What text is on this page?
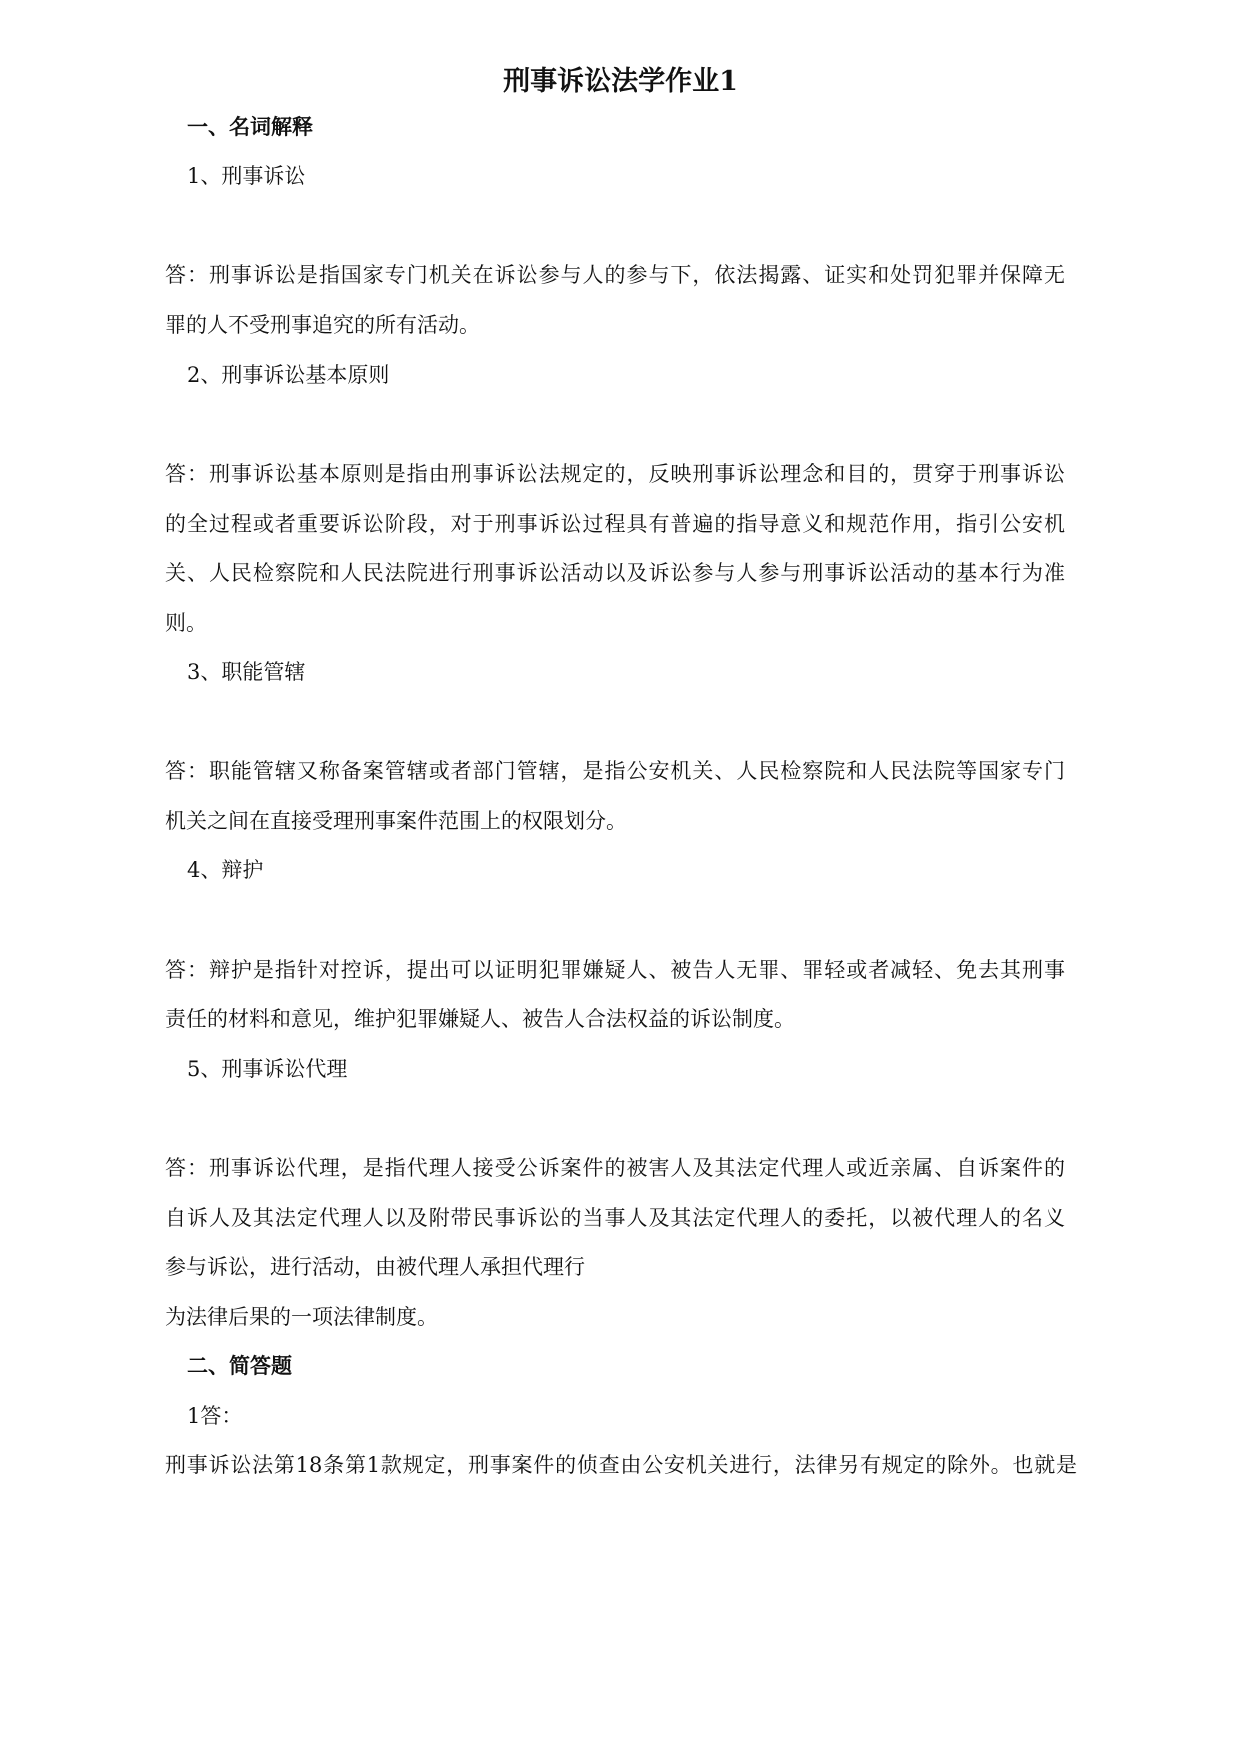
刑事诉讼法学作业1
一、名词解释
1、刑事诉讼
答：刑事诉讼是指国家专门机关在诉讼参与人的参与下，依法揭露、证实和处罚犯罪并保障无
罪的人不受刑事追究的所有活动。
2、刑事诉讼基本原则
答：刑事诉讼基本原则是指由刑事诉讼法规定的，反映刑事诉讼理念和目的，贯穿于刑事诉讼
的全过程或者重要诉讼阶段，对于刑事诉讼过程具有普遍的指导意义和规范作用，指引公安机
关、人民检察院和人民法院进行刑事诉讼活动以及诉讼参与人参与刑事诉讼活动的基本行为准
则。
3、职能管辖
答：职能管辖又称备案管辖或者部门管辖，是指公安机关、人民检察院和人民法院等国家专门
机关之间在直接受理刑事案件范围上的权限划分。
4、辩护
答：辩护是指针对控诉，提出可以证明犯罪嫌疑人、被告人无罪、罪轻或者减轻、免去其刑事
责任的材料和意见，维护犯罪嫌疑人、被告人合法权益的诉讼制度。
5、刑事诉讼代理
答：刑事诉讼代理，是指代理人接受公诉案件的被害人及其法定代理人或近亲属、自诉案件的
自诉人及其法定代理人以及附带民事诉讼的当事人及其法定代理人的委托，以被代理人的名义
参与诉讼，进行活动，由被代理人承担代理行
为法律后果的一项法律制度。
二、简答题
1答：
刑事诉讼法第18条第1款规定，刑事案件的侦查由公安机关进行，法律另有规定的除外。也就是
